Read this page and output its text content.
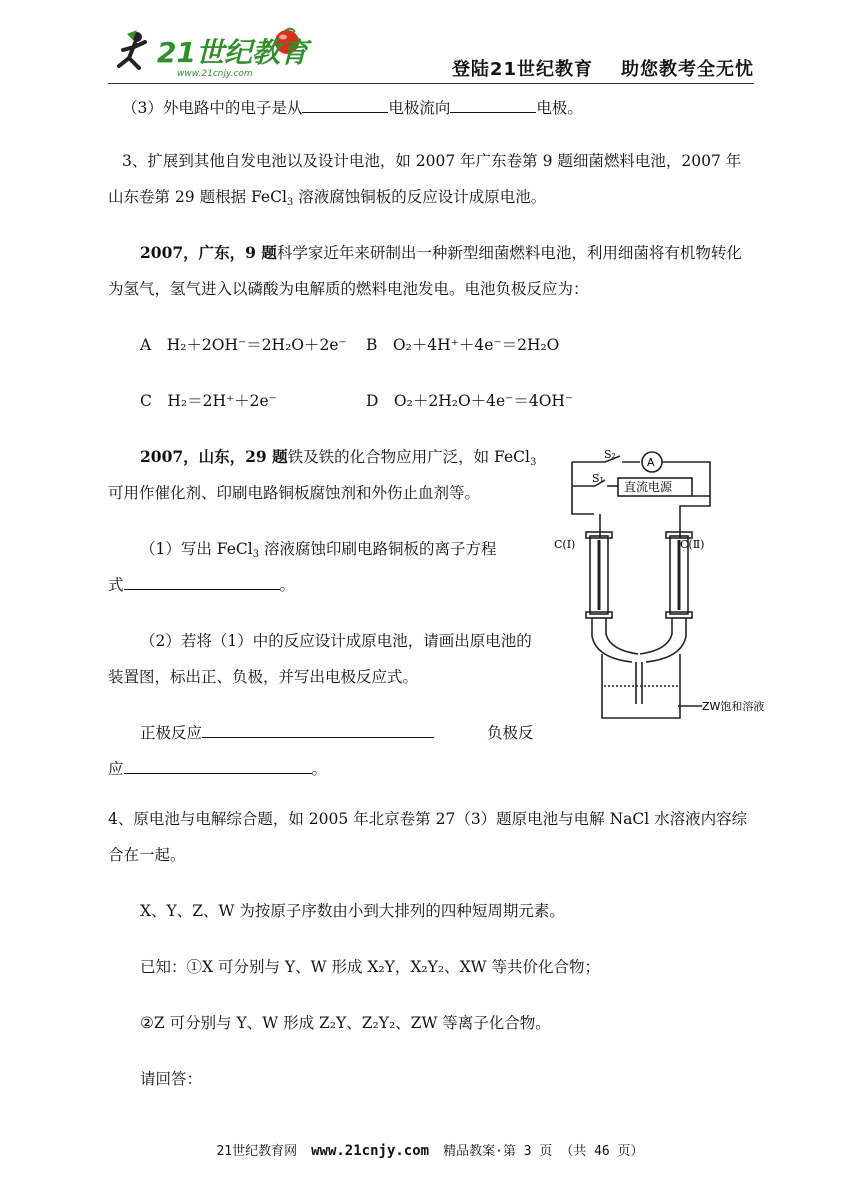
21世纪教育
www.21cnjy.com	登陆21世纪教育 助您教考全无忧
（3）外电路中的电子是从	电极流向	电极。
3、扩展到其他自发电池以及设计电池，如 2007 年广东卷第 9 题细菌燃料电池，2007 年
山东卷第 29 题根据 FeCl$_3$ 溶液腐蚀铜板的反应设计成原电池。
2007，广东，9 题科学家近年来研制出一种新型细菌燃料电池，利用细菌将有机物转化
为氢气，氢气进入以磷酸为电解质的燃料电池发电。电池负极反应为：
A　H₂＋2OH⁻＝2H₂O＋2e⁻ B　O₂＋4H⁺＋4e⁻＝2H₂O
C　H₂＝2H⁺＋2e⁻	D　O₂＋2H₂O＋4e⁻＝4OH⁻
2007，山东，29 题铁及铁的化合物应用广泛，如 FeCl$_3$
可用作催化剂、印刷电路铜板腐蚀剂和外伤止血剂等。
（1）写出 FeCl$_3$ 溶液腐蚀印刷电路铜板的离子方程
式	。
（2）若将（1）中的反应设计成原电池，请画出原电池的
装置图，标出正、负极，并写出电极反应式。
正极反应	负极反
应	。
S₂
S₁
A
直流电源
C(Ⅰ)	C(Ⅱ)
ZW饱和溶液
4、原电池与电解综合题，如 2005 年北京卷第 27（3）题原电池与电解 NaCl 水溶液内容综
合在一起。
X、Y、Z、W 为按原子序数由小到大排列的四种短周期元素。
已知：①X 可分别与 Y、W 形成 X₂Y，X₂Y₂、XW 等共价化合物；
②Z 可分别与 Y、W 形成 Z₂Y、Z₂Y₂、ZW 等离子化合物。
请回答：
21世纪教育网 www.21cnjy.com 精品教案·第 3 页 （共 46 页）
